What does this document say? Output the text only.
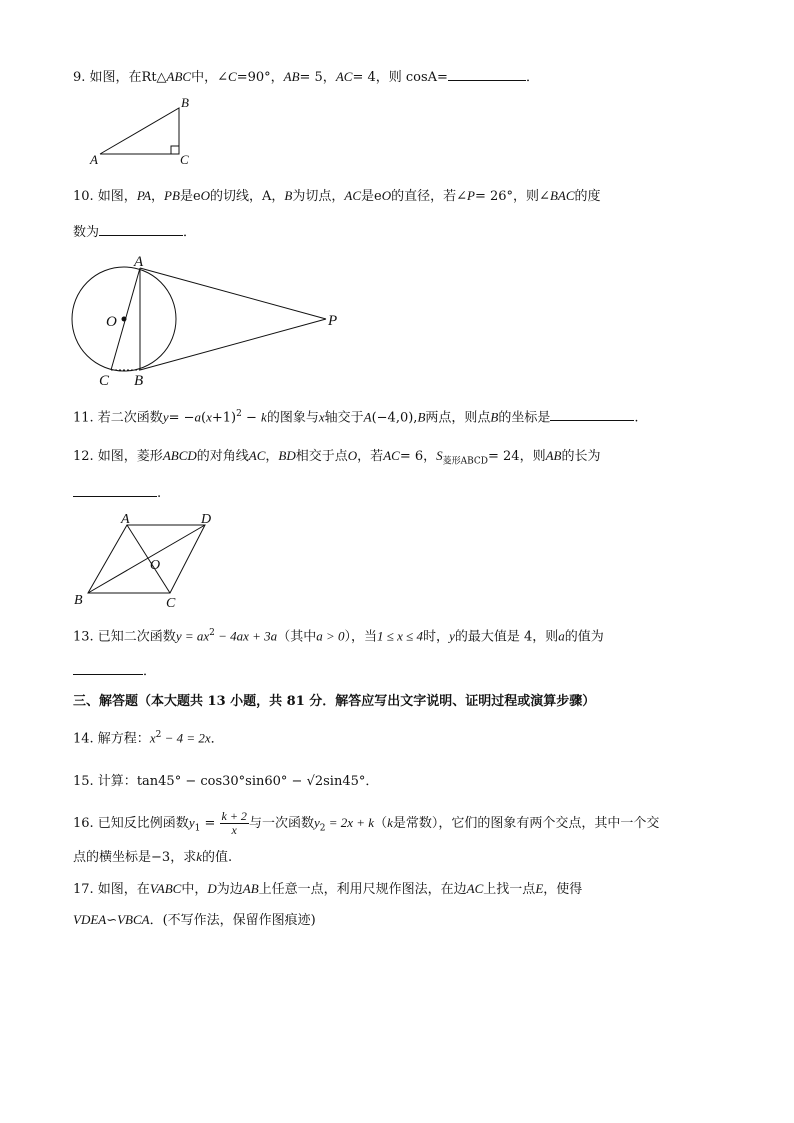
9. 如图，在Rt△ABC中，∠C=90°，AB= 5，AC= 4，则 cosA=	．
A
B
C
10. 如图，PA，PB是eO的切线，A，B为切点，AC是eO的直径，若∠P= 26°，则∠BAC的度
数为	．
A
O	P
C B
11. 若二次函数$y= -a(x+1)^2 - k$的图象与x轴交于A(−4,0),B两点，则点B的坐标是	.
12. 如图，菱形ABCD的对角线AC，BD相交于点O，若AC= 6，$S_{菱形ABCD}= 24$，则AB的长为
.
A	D
O
B	C
13. 已知二次函数$y = ax^2 - 4ax + 3a$（其中a > 0），当1 ≤ x ≤ 4时，y的最大值是 4，则a的值为
．
三、解答题（本大题共 13 小题，共 81 分．解答应写出文字说明、证明过程或演算步骤）
14. 解方程：$x^2 - 4 = 2x$．
15. 计算：tan45° − cos30°sin60° − √2sin45°．
16. 已知反比例函数$y_1 = \frac{k + 2}{x}$ 与一次函数$y_2 = 2x + k(k$是常数），它们的图象有两个交点，其中一个交
点的横坐标是−3，求k的值.
17. 如图，在VABC中，D为边AB上任意一点，利用尺规作图法，在边AC上找一点E，使得
VDEA∽VBCA．(不写作法，保留作图痕迹)
